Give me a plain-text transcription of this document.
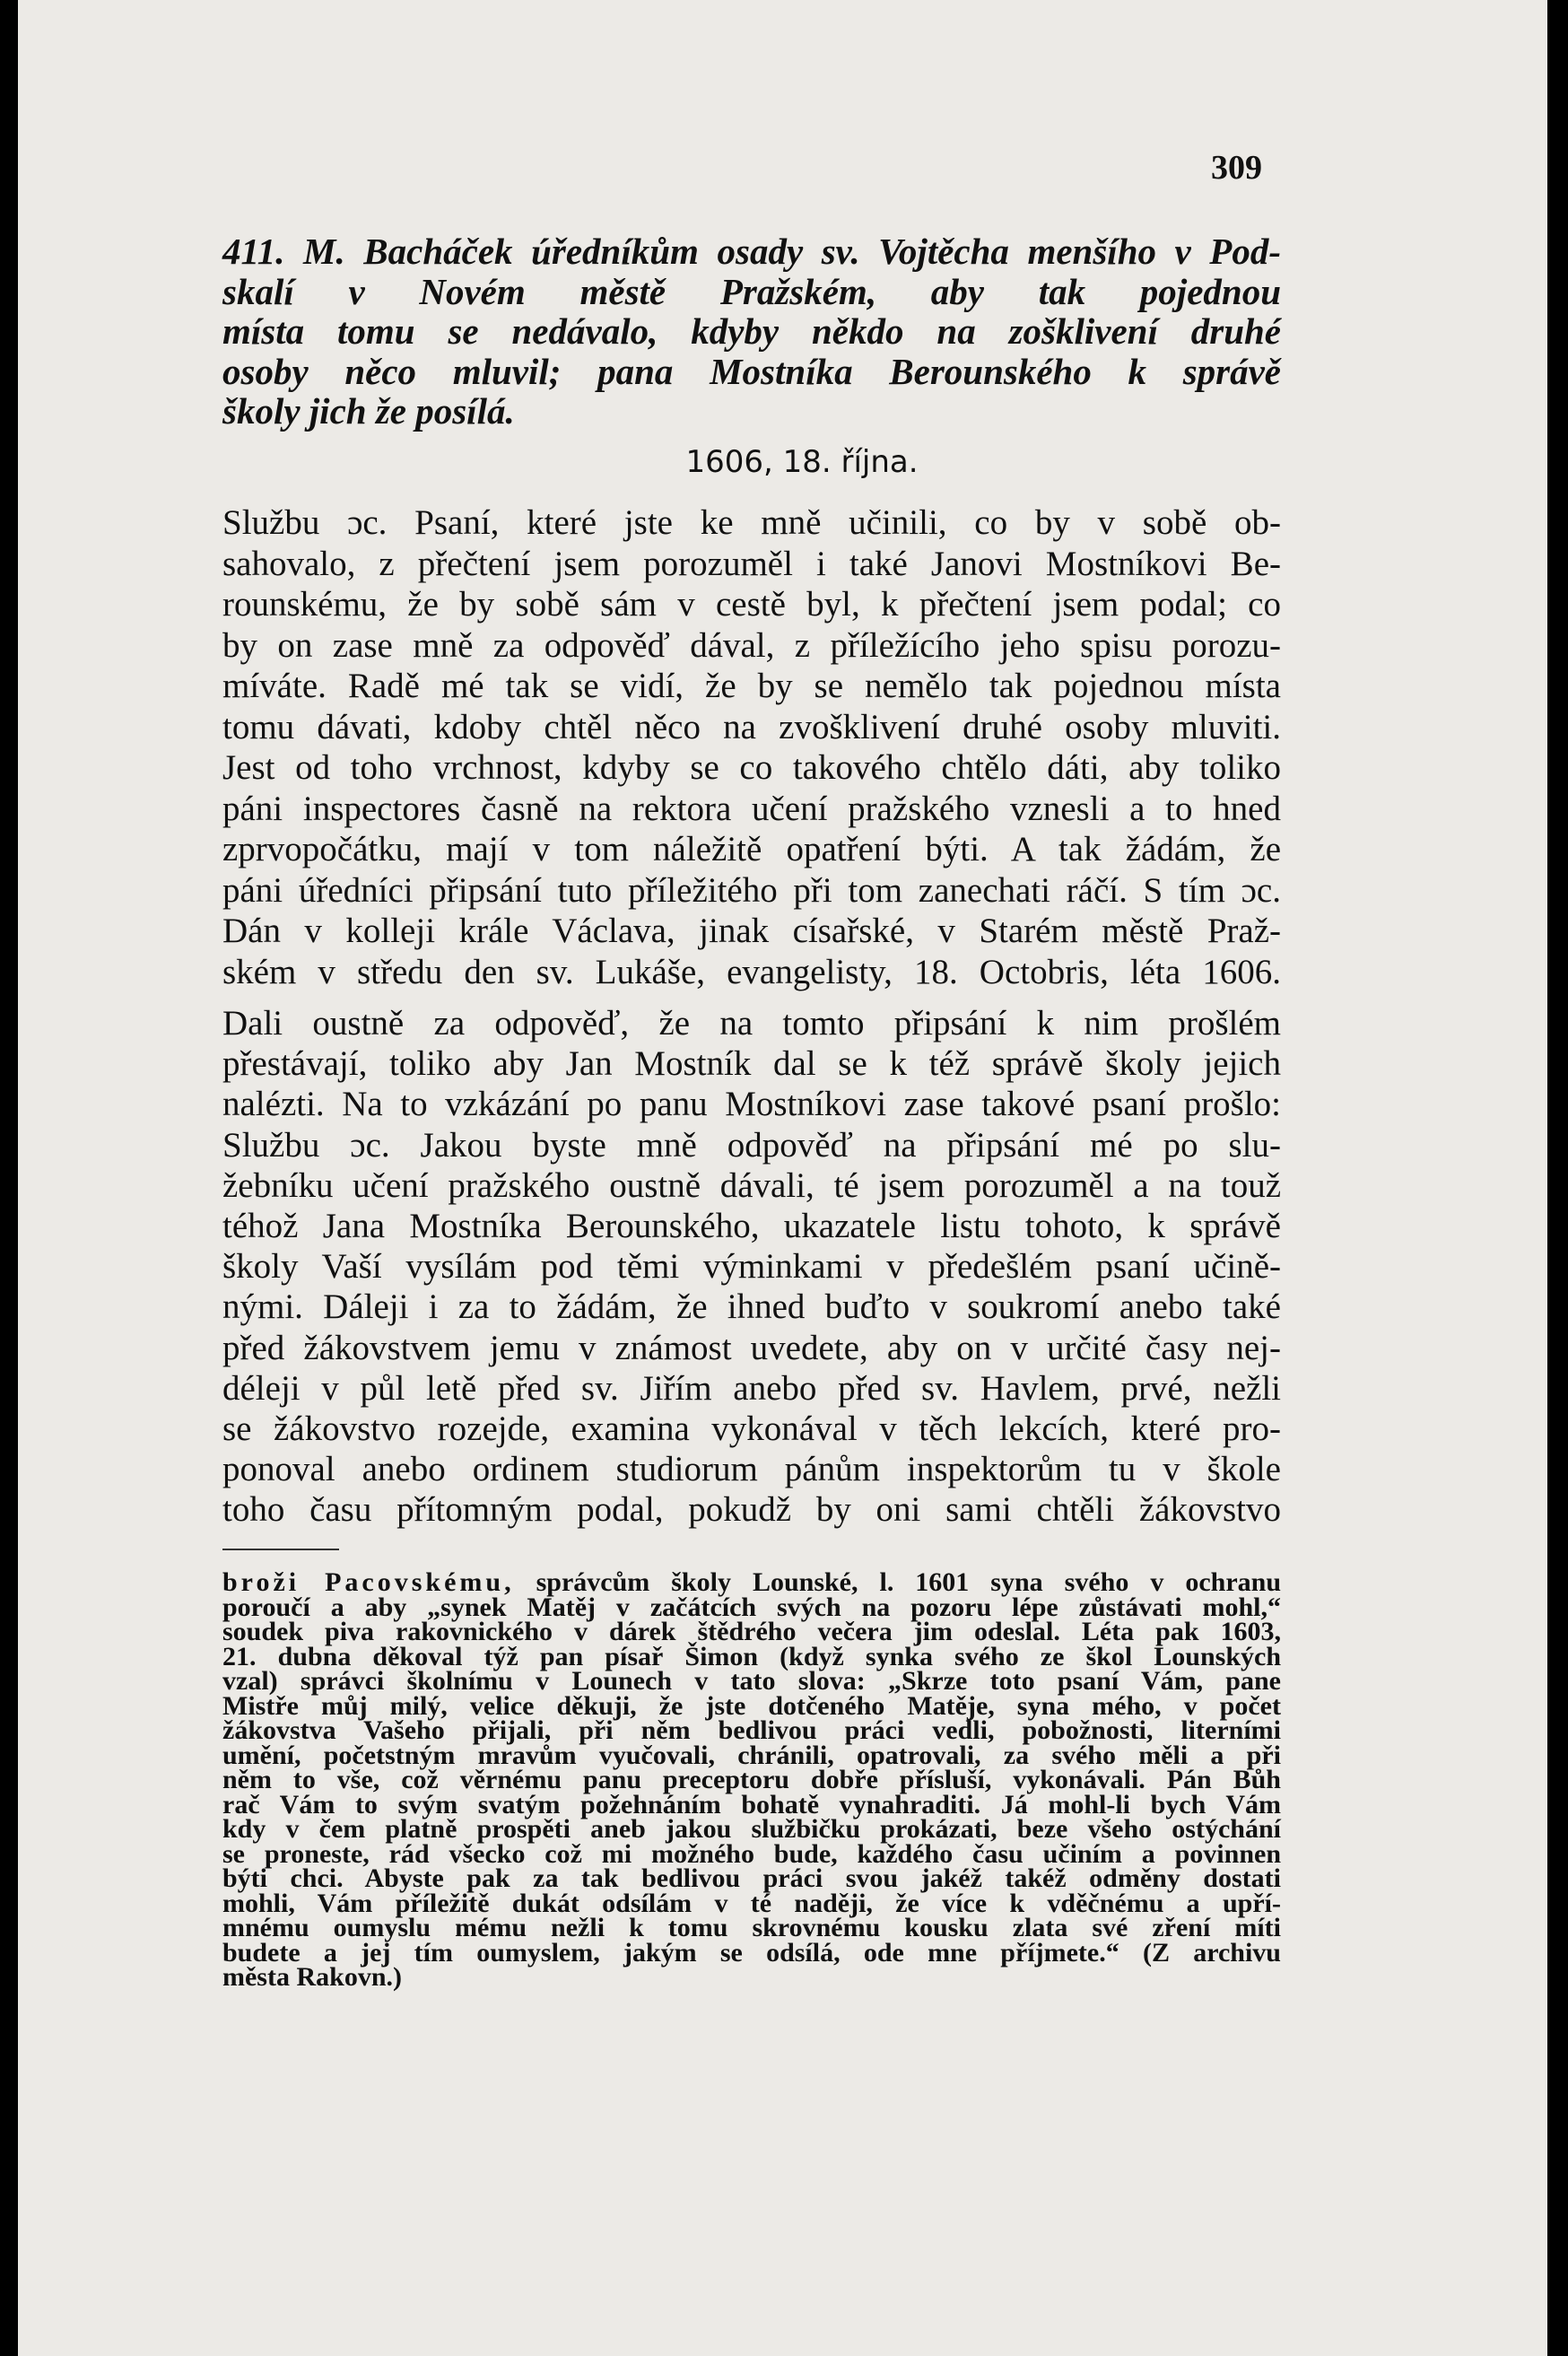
309
411. M. Bacháček úředníkům osady sv. Vojtěcha menšího v Pod-
skalí v Novém městě Pražském, aby tak pojednou
místa tomu se nedávalo, kdyby někdo na zošklivení druhé
osoby něco mluvil; pana Mostníka Berounského k správě
školy jich že posílá.
1606, 18. října.
Službu ɔc. Psaní, které jste ke mně učinili, co by v sobě ob-
sahovalo, z přečtení jsem porozuměl i také Janovi Mostníkovi Be-
rounskému, že by sobě sám v cestě byl, k přečtení jsem podal; co
by on zase mně za odpověď dával, z příležícího jeho spisu porozu-
míváte. Radě mé tak se vidí, že by se nemělo tak pojednou místa
tomu dávati, kdoby chtěl něco na zvošklivení druhé osoby mluviti.
Jest od toho vrchnost, kdyby se co takového chtělo dáti, aby toliko
páni inspectores časně na rektora učení pražského vznesli a to hned
zprvopočátku, mají v tom náležitě opatření býti. A tak žádám, že
páni úředníci připsání tuto příležitého při tom zanechati ráčí. S tím ɔc.
Dán v kolleji krále Václava, jinak císařské, v Starém městě Praž-
ském v středu den sv. Lukáše, evangelisty, 18. Octobris, léta 1606.
Dali oustně za odpověď, že na tomto připsání k nim prošlém
přestávají, toliko aby Jan Mostník dal se k též správě školy jejich
nalézti. Na to vzkázání po panu Mostníkovi zase takové psaní prošlo:
Službu ɔc. Jakou byste mně odpověď na připsání mé po slu-
žebníku učení pražského oustně dávali, té jsem porozuměl a na touž
téhož Jana Mostníka Berounského, ukazatele listu tohoto, k správě
školy Vaší vysílám pod těmi výminkami v předešlém psaní učině-
nými. Dáleji i za to žádám, že ihned buďto v soukromí anebo také
před žákovstvem jemu v známost uvedete, aby on v určité časy nej-
déleji v půl letě před sv. Jiřím anebo před sv. Havlem, prvé, nežli
se žákovstvo rozejde, examina vykonával v těch lekcích, které pro-
ponoval anebo ordinem studiorum pánům inspektorům tu v škole
toho času přítomným podal, pokudž by oni sami chtěli žákovstvo
broži Pacovskému, správcům školy Lounské, l. 1601 syna svého v ochranu
poroučí a aby „synek Matěj v začátcích svých na pozoru lépe zůstávati mohl,“
soudek piva rakovnického v dárek štědrého večera jim odeslal. Léta pak 1603,
21. dubna děkoval týž pan písař Šimon (když synka svého ze škol Lounských
vzal) správci školnímu v Lounech v tato slova: „Skrze toto psaní Vám, pane
Mistře můj milý, velice děkuji, že jste dotčeného Matěje, syna mého, v počet
žákovstva Vašeho přijali, při něm bedlivou práci vedli, pobožnosti, literními
umění, početstným mravům vyučovali, chránili, opatrovali, za svého měli a při
něm to vše, což věrnému panu preceptoru dobře přísluší, vykonávali. Pán Bůh
rač Vám to svým svatým požehnáním bohatě vynahraditi. Já mohl-li bych Vám
kdy v čem platně prospěti aneb jakou službičku prokázati, beze všeho ostýchání
se proneste, rád všecko což mi možného bude, každého času učiním a povinnen
býti chci. Abyste pak za tak bedlivou práci svou jakéž takéž odměny dostati
mohli, Vám příležitě dukát odsílám v té naději, že více k vděčnému a upří-
mnému oumyslu mému nežli k tomu skrovnému kousku zlata své zření míti
budete a jej tím oumyslem, jakým se odsílá, ode mne příjmete.“ (Z archivu
města Rakovn.)
